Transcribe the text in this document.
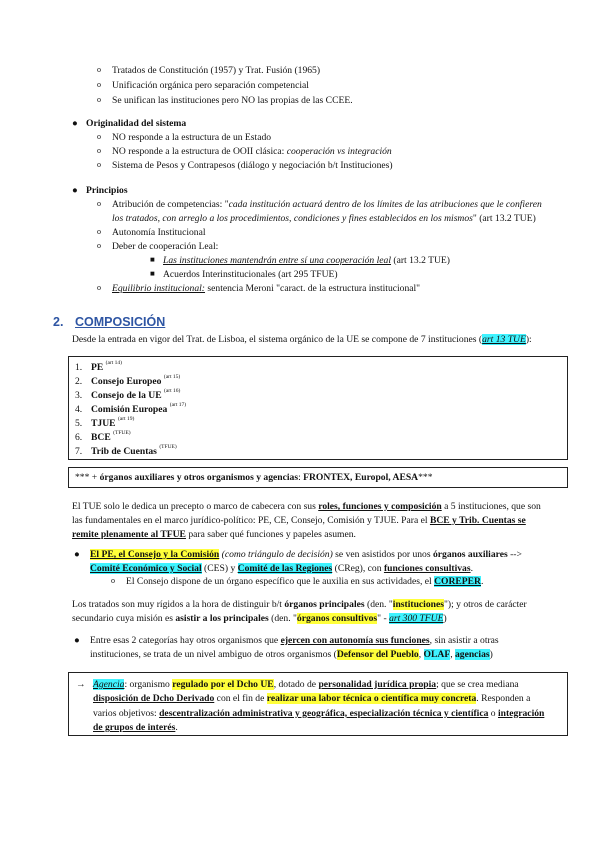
o Tratados de Constitución (1957) y Trat. Fusión (1965)
o Unificación orgánica pero separación competencial
o Se unifican las instituciones pero NO las propias de las CCEE.
● Originalidad del sistema
o NO responde a la estructura de un Estado
o NO responde a la estructura de OOII clásica: cooperación vs integración
o Sistema de Pesos y Contrapesos (diálogo y negociación b/t Instituciones)
● Principios
o Atribución de competencias: "cada institución actuará dentro de los límites de las atribuciones que le confieren
los tratados, con arreglo a los procedimientos, condiciones y fines establecidos en los mismos" (art 13.2 TUE)
o Autonomía Institucional
o Deber de cooperación Leal:
■ Las instituciones mantendrán entre sí una cooperación leal (art 13.2 TUE)
■ Acuerdos Interinstitucionales (art 295 TFUE)
o Equilibrio institucional: sentencia Meroni "caract. de la estructura institucional"
2. COMPOSICIÓN
Desde la entrada en vigor del Trat. de Lisboa, el sistema orgánico de la UE se compone de 7 instituciones (art 13 TUE):
1. PE $^{(art 14)}$
2. Consejo Europeo $^{(art 15)}$
3. Consejo de la UE $^{(art 16)}$
4. Comisión Europea $^{(art 17)}$
5. TJUE $^{(art 19)}$
6. BCE $^{(TFUE)}$
7. Trib de Cuentas $^{(TFUE)}$
*** + órganos auxiliares y otros organismos y agencias: FRONTEX, Europol, AESA***
El TUE solo le dedica un precepto o marco de cabecera con sus roles, funciones y composición a 5 instituciones, que son
las fundamentales en el marco jurídico-político: PE, CE, Consejo, Comisión y TJUE. Para el BCE y Trib. Cuentas se
remite plenamente al TFUE para saber qué funciones y papeles asumen.
● El PE, el Consejo y la Comisión (como triángulo de decisión) se ven asistidos por unos órganos auxiliares -->
Comité Económico y Social (CES) y Comité de las Regiones (CReg), con funciones consultivas.
o El Consejo dispone de un órgano específico que le auxilia en sus actividades, el COREPER.
Los tratados son muy rígidos a la hora de distinguir b/t órganos principales (den. "instituciones"); y otros de carácter
secundario cuya misión es asistir a los principales (den. "órganos consultivos" - art 300 TFUE)
● Entre esas 2 categorías hay otros organismos que ejercen con autonomía sus funciones, sin asistir a otras
instituciones, se trata de un nivel ambiguo de otros organismos (Defensor del Pueblo, OLAF, agencias)
→ Agencia: organismo regulado por el Dcho UE, dotado de personalidad jurídica propia; que se crea mediana
disposición de Dcho Derivado con el fin de realizar una labor técnica o científica muy concreta. Responden a
varios objetivos: descentralización administrativa y geográfica, especialización técnica y científica o integración
de grupos de interés.
